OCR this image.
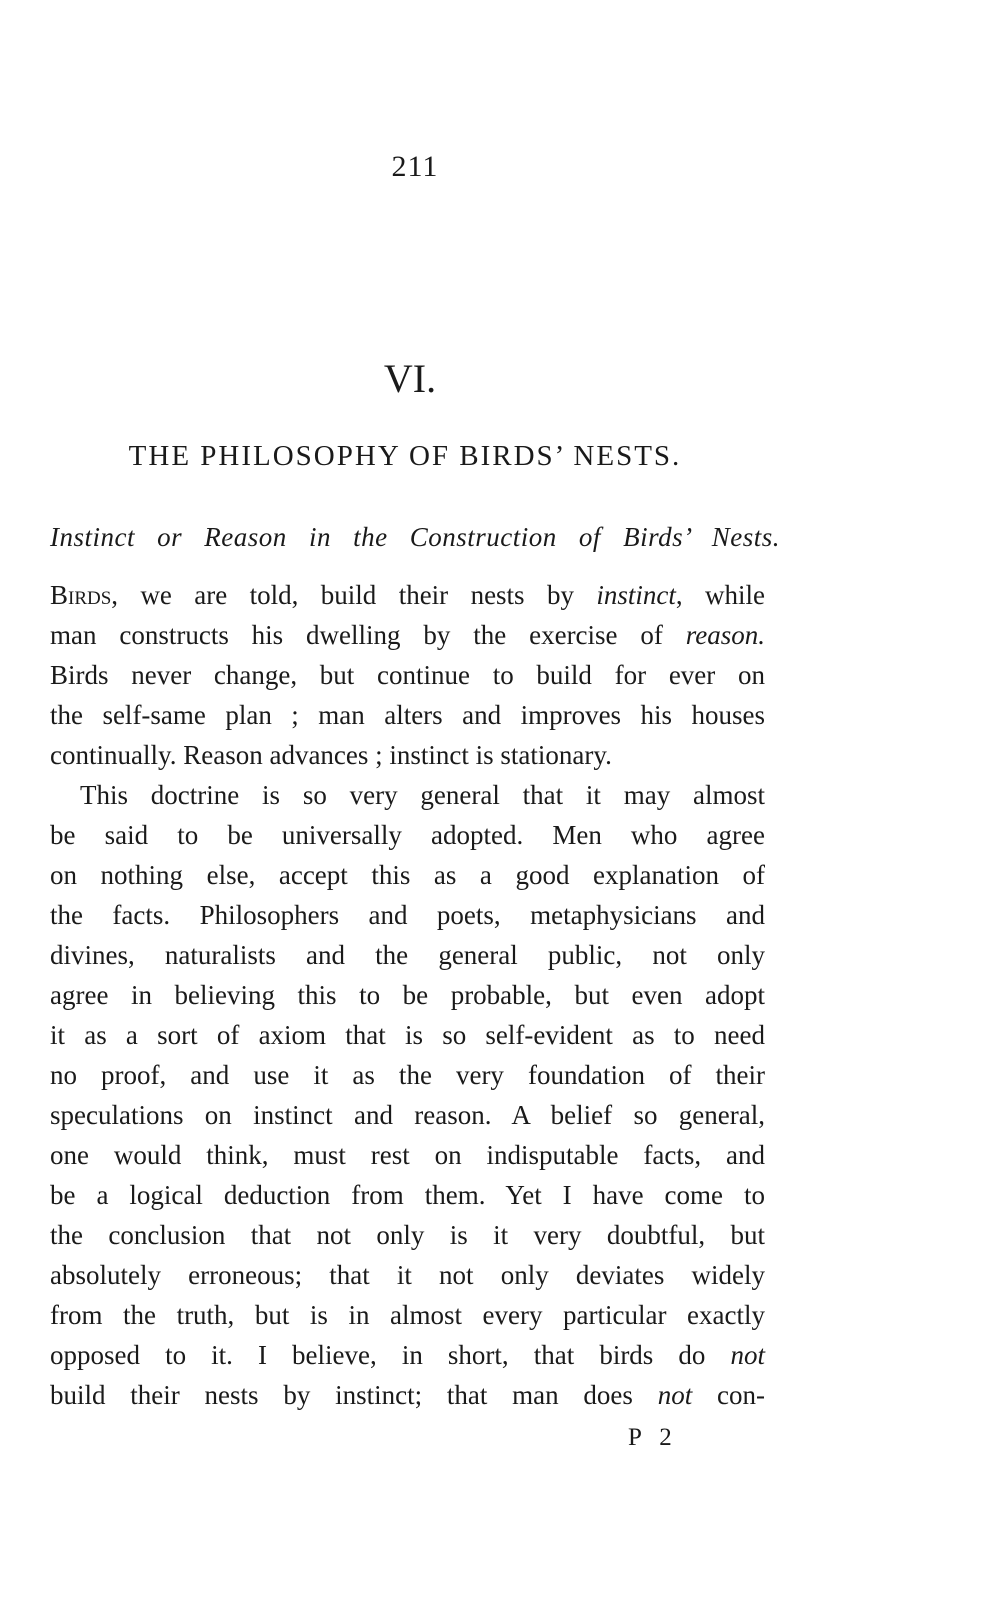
211
VI.
THE PHILOSOPHY OF BIRDS’ NESTS.
Instinct or Reason in the Construction of Birds’ Nests.
Birds, we are told, build their nests by instinct, while
man constructs his dwelling by the exercise of reason.
Birds never change, but continue to build for ever on
the self-same plan ; man alters and improves his houses
continually. Reason advances ; instinct is stationary.
This doctrine is so very general that it may almost
be said to be universally adopted. Men who agree
on nothing else, accept this as a good explanation of
the facts. Philosophers and poets, metaphysicians and
divines, naturalists and the general public, not only
agree in believing this to be probable, but even adopt
it as a sort of axiom that is so self-evident as to need
no proof, and use it as the very foundation of their
speculations on instinct and reason. A belief so general,
one would think, must rest on indisputable facts, and
be a logical deduction from them. Yet I have come to
the conclusion that not only is it very doubtful, but
absolutely erroneous; that it not only deviates widely
from the truth, but is in almost every particular exactly
opposed to it. I believe, in short, that birds do not
build their nests by instinct; that man does not con-
P 2
